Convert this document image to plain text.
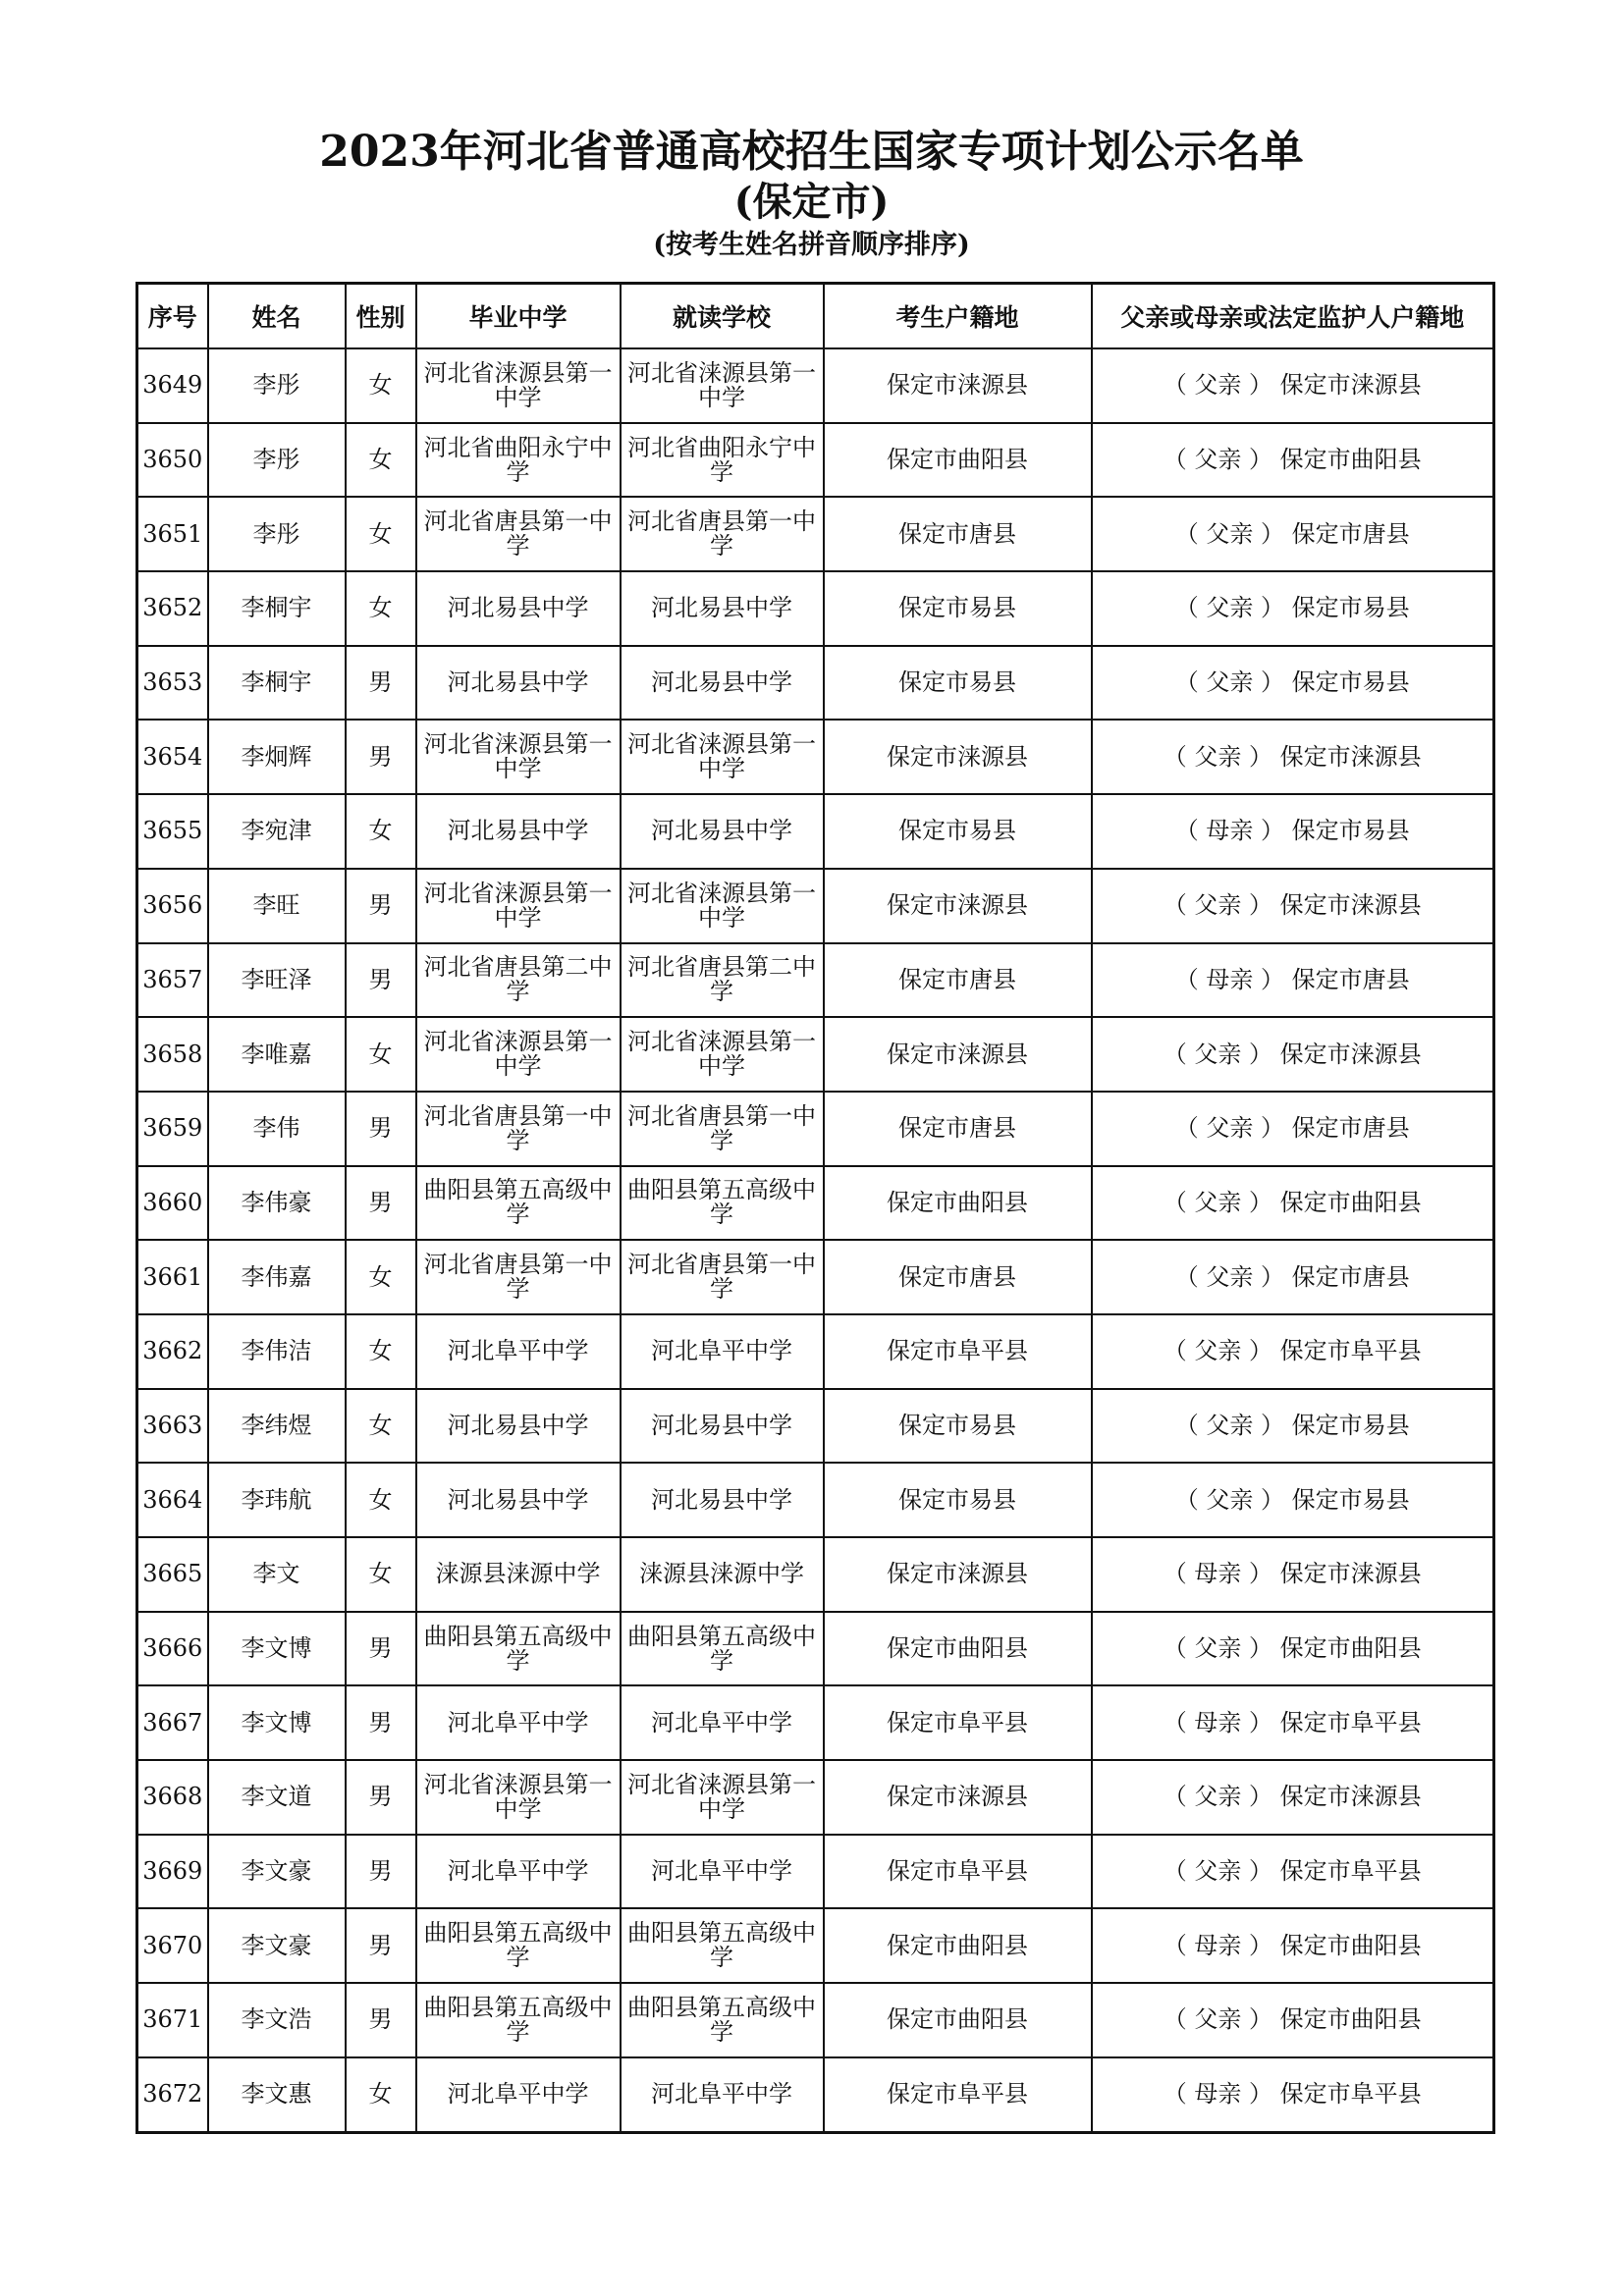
2023年河北省普通高校招生国家专项计划公示名单
(保定市)
(按考生姓名拼音顺序排序)
序号	姓名	性别	毕业中学	就读学校	考生户籍地	父亲或母亲或法定监护人户籍地
3649	李彤	女	河北省涞源县第一中学	河北省涞源县第一中学	保定市涞源县	（ 父亲 ） 保定市涞源县
3650	李彤	女	河北省曲阳永宁中学	河北省曲阳永宁中学	保定市曲阳县	（ 父亲 ） 保定市曲阳县
3651	李彤	女	河北省唐县第一中学	河北省唐县第一中学	保定市唐县	（ 父亲 ） 保定市唐县
3652	李桐宇	女	河北易县中学	河北易县中学	保定市易县	（ 父亲 ） 保定市易县
3653	李桐宇	男	河北易县中学	河北易县中学	保定市易县	（ 父亲 ） 保定市易县
3654	李炯辉	男	河北省涞源县第一中学	河北省涞源县第一中学	保定市涞源县	（ 父亲 ） 保定市涞源县
3655	李宛津	女	河北易县中学	河北易县中学	保定市易县	（ 母亲 ） 保定市易县
3656	李旺	男	河北省涞源县第一中学	河北省涞源县第一中学	保定市涞源县	（ 父亲 ） 保定市涞源县
3657	李旺泽	男	河北省唐县第二中学	河北省唐县第二中学	保定市唐县	（ 母亲 ） 保定市唐县
3658	李唯嘉	女	河北省涞源县第一中学	河北省涞源县第一中学	保定市涞源县	（ 父亲 ） 保定市涞源县
3659	李伟	男	河北省唐县第一中学	河北省唐县第一中学	保定市唐县	（ 父亲 ） 保定市唐县
3660	李伟豪	男	曲阳县第五高级中学	曲阳县第五高级中学	保定市曲阳县	（ 父亲 ） 保定市曲阳县
3661	李伟嘉	女	河北省唐县第一中学	河北省唐县第一中学	保定市唐县	（ 父亲 ） 保定市唐县
3662	李伟洁	女	河北阜平中学	河北阜平中学	保定市阜平县	（ 父亲 ） 保定市阜平县
3663	李纬煜	女	河北易县中学	河北易县中学	保定市易县	（ 父亲 ） 保定市易县
3664	李玮航	女	河北易县中学	河北易县中学	保定市易县	（ 父亲 ） 保定市易县
3665	李文	女	涞源县涞源中学	涞源县涞源中学	保定市涞源县	（ 母亲 ） 保定市涞源县
3666	李文博	男	曲阳县第五高级中学	曲阳县第五高级中学	保定市曲阳县	（ 父亲 ） 保定市曲阳县
3667	李文博	男	河北阜平中学	河北阜平中学	保定市阜平县	（ 母亲 ） 保定市阜平县
3668	李文道	男	河北省涞源县第一中学	河北省涞源县第一中学	保定市涞源县	（ 父亲 ） 保定市涞源县
3669	李文豪	男	河北阜平中学	河北阜平中学	保定市阜平县	（ 父亲 ） 保定市阜平县
3670	李文豪	男	曲阳县第五高级中学	曲阳县第五高级中学	保定市曲阳县	（ 母亲 ） 保定市曲阳县
3671	李文浩	男	曲阳县第五高级中学	曲阳县第五高级中学	保定市曲阳县	（ 父亲 ） 保定市曲阳县
3672	李文惠	女	河北阜平中学	河北阜平中学	保定市阜平县	（ 母亲 ） 保定市阜平县
